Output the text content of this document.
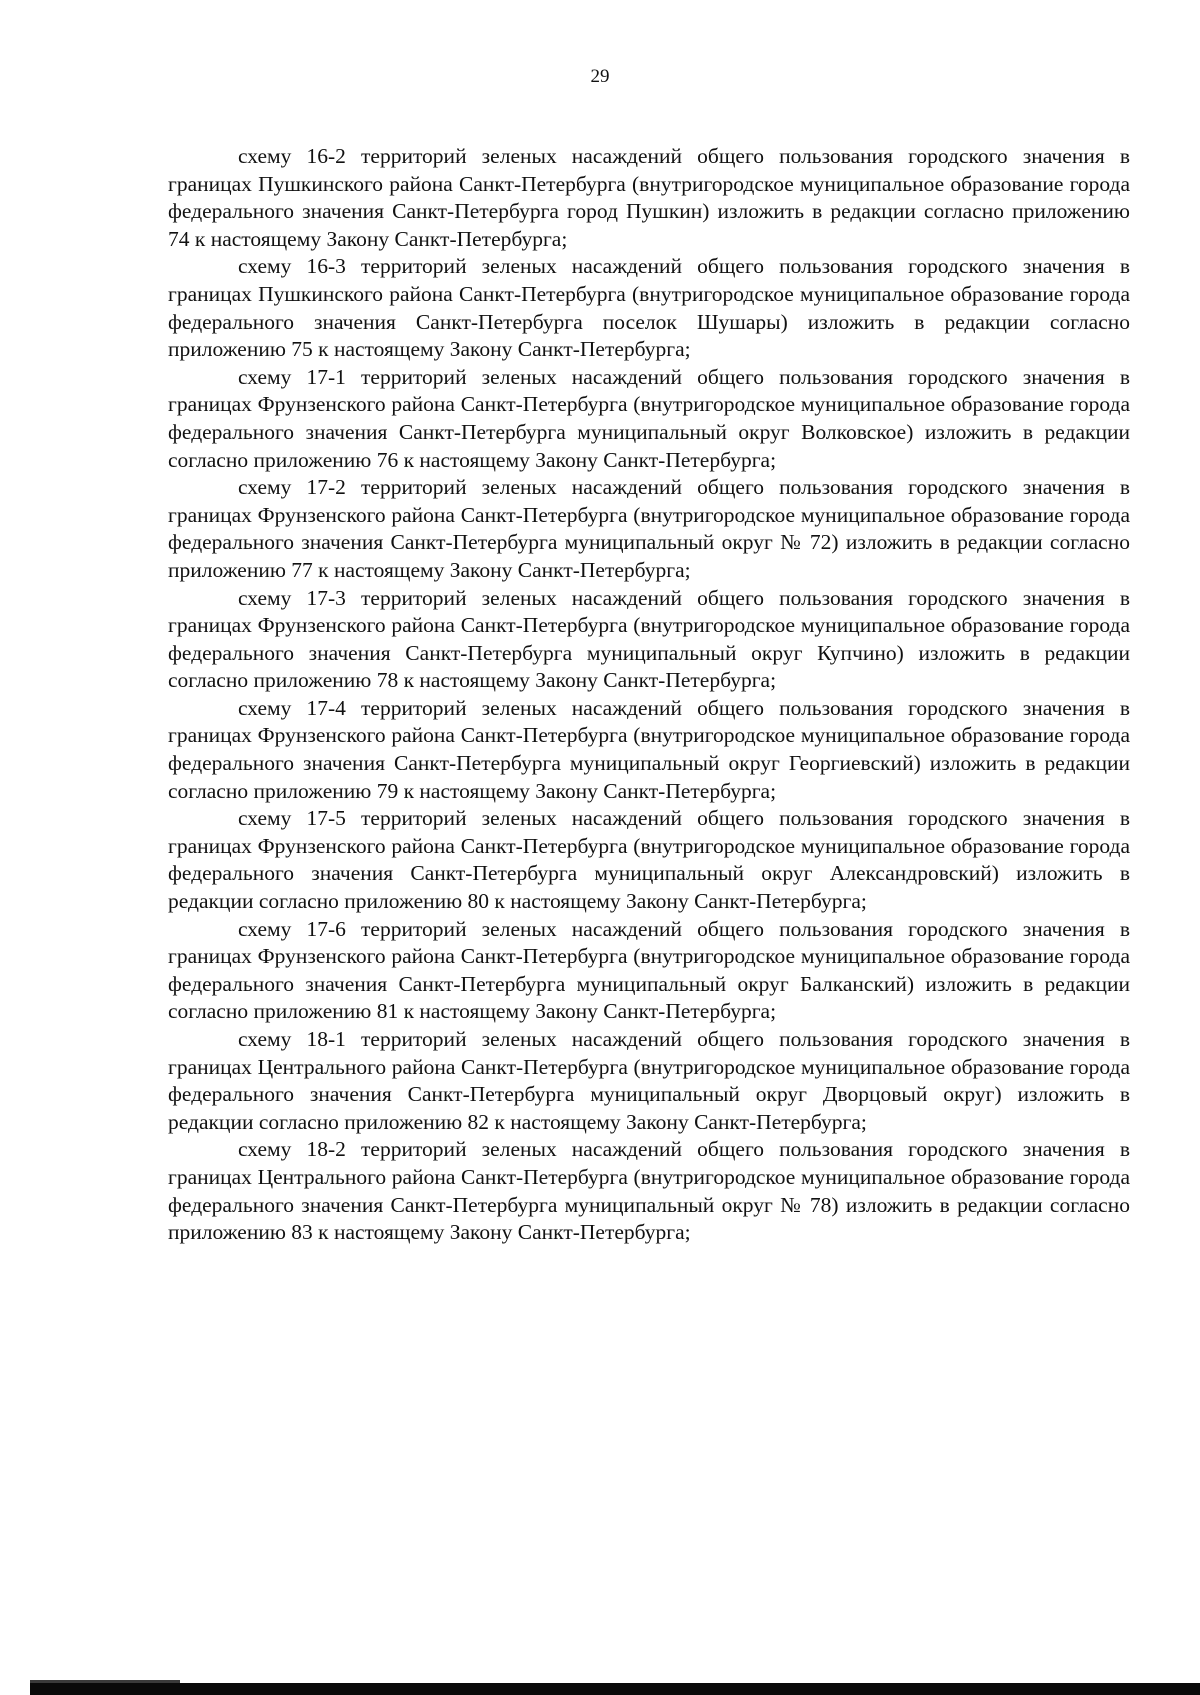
29

схему 16-2 территорий зеленых насаждений общего пользования городского значения в границах Пушкинского района Санкт-Петербурга (внутригородское муниципальное образование города федерального значения Санкт-Петербурга город Пушкин) изложить в редакции согласно приложению 74 к настоящему Закону Санкт-Петербурга;

схему 16-3 территорий зеленых насаждений общего пользования городского значения в границах Пушкинского района Санкт-Петербурга (внутригородское муниципальное образование города федерального значения Санкт-Петербурга поселок Шушары) изложить в редакции согласно приложению 75 к настоящему Закону Санкт-Петербурга;

схему 17-1 территорий зеленых насаждений общего пользования городского значения в границах Фрунзенского района Санкт-Петербурга (внутригородское муниципальное образование города федерального значения Санкт-Петербурга муниципальный округ Волковское) изложить в редакции согласно приложению 76 к настоящему Закону Санкт-Петербурга;

схему 17-2 территорий зеленых насаждений общего пользования городского значения в границах Фрунзенского района Санкт-Петербурга (внутригородское муниципальное образование города федерального значения Санкт-Петербурга муниципальный округ № 72) изложить в редакции согласно приложению 77 к настоящему Закону Санкт-Петербурга;

схему 17-3 территорий зеленых насаждений общего пользования городского значения в границах Фрунзенского района Санкт-Петербурга (внутригородское муниципальное образование города федерального значения Санкт-Петербурга муниципальный округ Купчино) изложить в редакции согласно приложению 78 к настоящему Закону Санкт-Петербурга;

схему 17-4 территорий зеленых насаждений общего пользования городского значения в границах Фрунзенского района Санкт-Петербурга (внутригородское муниципальное образование города федерального значения Санкт-Петербурга муниципальный округ Георгиевский) изложить в редакции согласно приложению 79 к настоящему Закону Санкт-Петербурга;

схему 17-5 территорий зеленых насаждений общего пользования городского значения в границах Фрунзенского района Санкт-Петербурга (внутригородское муниципальное образование города федерального значения Санкт-Петербурга муниципальный округ Александровский) изложить в редакции согласно приложению 80 к настоящему Закону Санкт-Петербурга;

схему 17-6 территорий зеленых насаждений общего пользования городского значения в границах Фрунзенского района Санкт-Петербурга (внутригородское муниципальное образование города федерального значения Санкт-Петербурга муниципальный округ Балканский) изложить в редакции согласно приложению 81 к настоящему Закону Санкт-Петербурга;

схему 18-1 территорий зеленых насаждений общего пользования городского значения в границах Центрального района Санкт-Петербурга (внутригородское муниципальное образование города федерального значения Санкт-Петербурга муниципальный округ Дворцовый округ) изложить в редакции согласно приложению 82 к настоящему Закону Санкт-Петербурга;

схему 18-2 территорий зеленых насаждений общего пользования городского значения в границах Центрального района Санкт-Петербурга (внутригородское муниципальное образование города федерального значения Санкт-Петербурга муниципальный округ № 78) изложить в редакции согласно приложению 83 к настоящему Закону Санкт-Петербурга;
